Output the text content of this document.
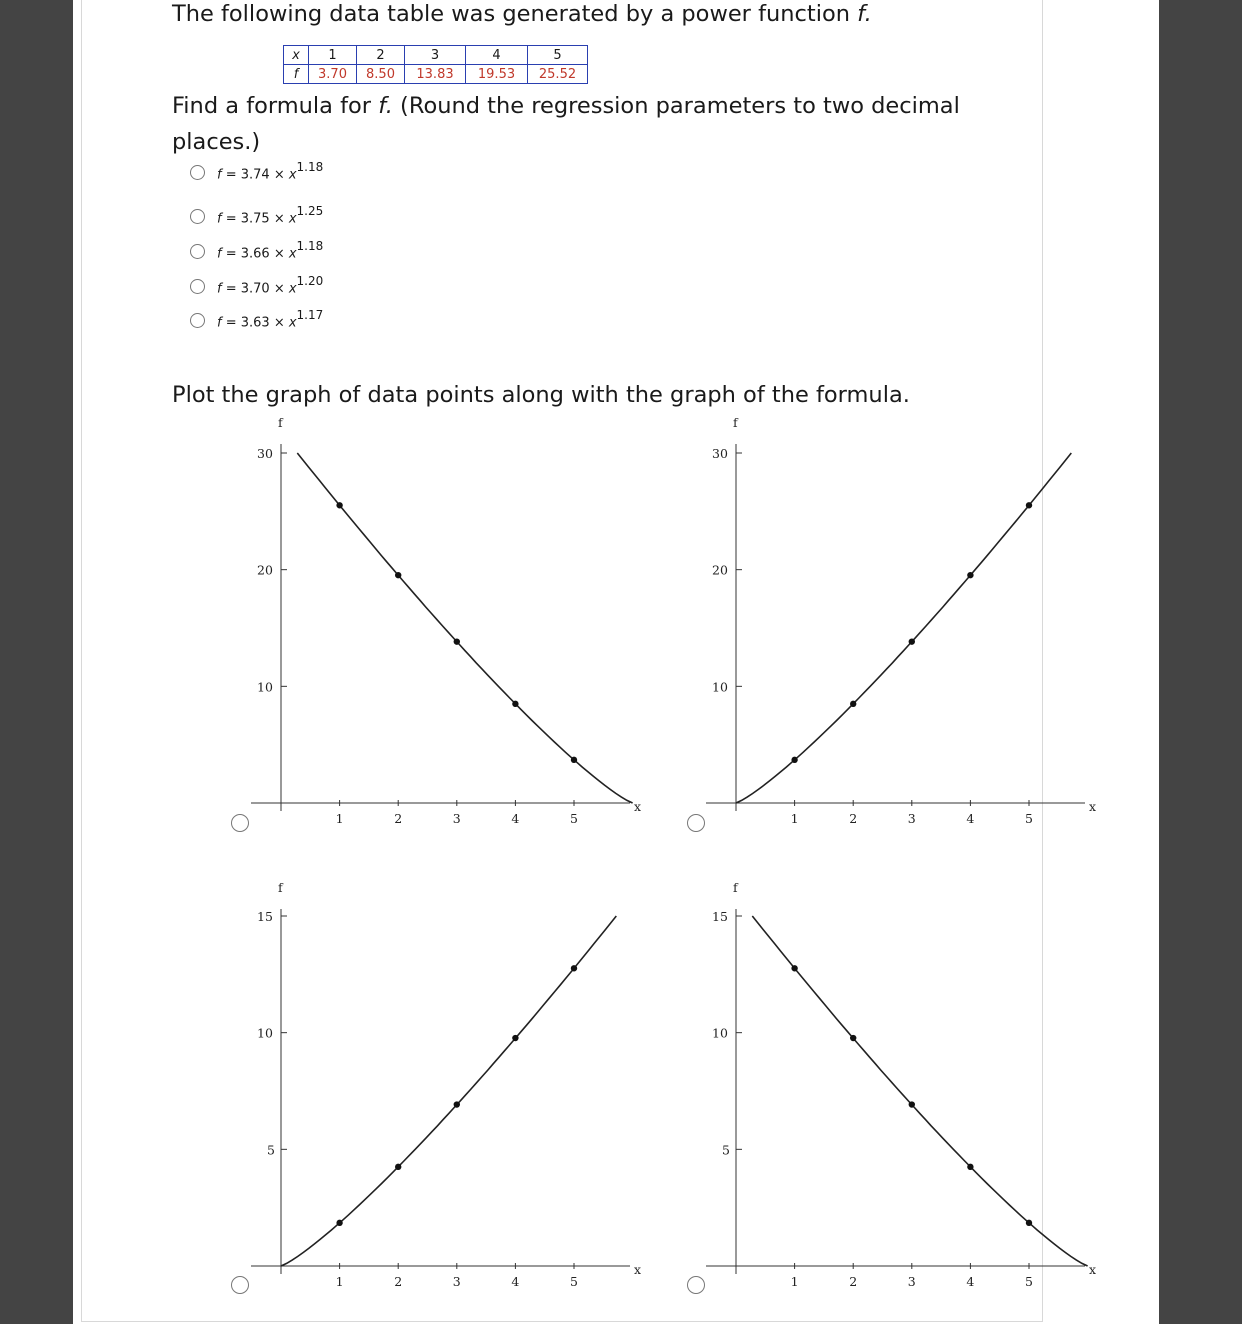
The following data table was generated by a power function f.
x	1	2	3	4	5
f	3.70	8.50	13.83	19.53	25.52
Find a formula for f. (Round the regression parameters to two decimal
places.)
$f = 3.74 \times x^{1.18}$
$f = 3.75 \times x^{1.25}$
$f = 3.66 \times x^{1.18}$
$f = 3.70 \times x^{1.20}$
$f = 3.63 \times x^{1.17}$
Plot the graph of data points along with the graph of the formula.
x
f
1	2	3	4	5
10
20
30
x
f
1	2	3	4	5
10
20
30
x
f
1	2	3	4	5
5
10
15
x
f
1	2	3	4	5
5
10
15
